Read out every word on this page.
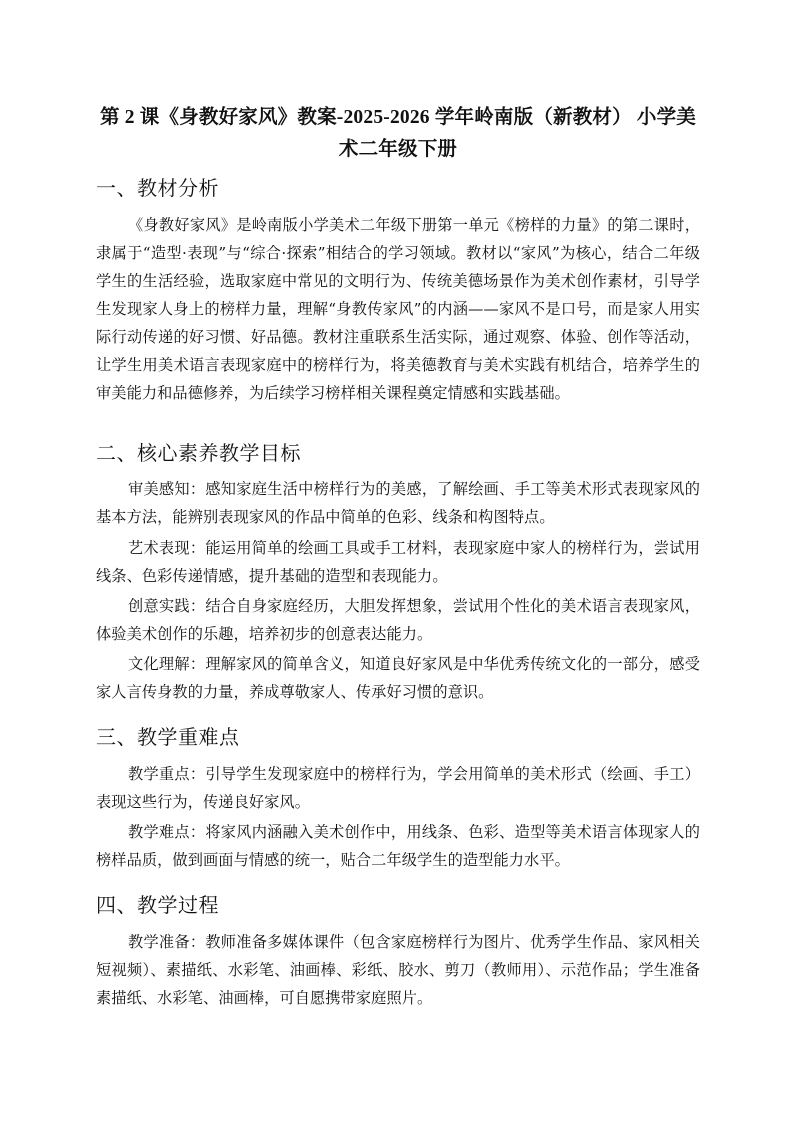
第 2 课《身教好家风》教案-2025-2026 学年岭南版（新教材） 小学美术二年级下册
一、教材分析

《身教好家风》是岭南版小学美术二年级下册第一单元《榜样的力量》的第二课时，隶属于“造型·表现”与“综合·探索”相结合的学习领域。教材以“家风”为核心，结合二年级学生的生活经验，选取家庭中常见的文明行为、传统美德场景作为美术创作素材，引导学生发现家人身上的榜样力量，理解“身教传家风”的内涵——家风不是口号，而是家人用实际行动传递的好习惯、好品德。教材注重联系生活实际，通过观察、体验、创作等活动，让学生用美术语言表现家庭中的榜样行为，将美德教育与美术实践有机结合，培养学生的审美能力和品德修养，为后续学习榜样相关课程奠定情感和实践基础。

二、核心素养教学目标

审美感知：感知家庭生活中榜样行为的美感，了解绘画、手工等美术形式表现家风的基本方法，能辨别表现家风的作品中简单的色彩、线条和构图特点。

艺术表现：能运用简单的绘画工具或手工材料，表现家庭中家人的榜样行为，尝试用线条、色彩传递情感，提升基础的造型和表现能力。

创意实践：结合自身家庭经历，大胆发挥想象，尝试用个性化的美术语言表现家风，体验美术创作的乐趣，培养初步的创意表达能力。

文化理解：理解家风的简单含义，知道良好家风是中华优秀传统文化的一部分，感受家人言传身教的力量，养成尊敬家人、传承好习惯的意识。

三、教学重难点

教学重点：引导学生发现家庭中的榜样行为，学会用简单的美术形式（绘画、手工）表现这些行为，传递良好家风。

教学难点：将家风内涵融入美术创作中，用线条、色彩、造型等美术语言体现家人的榜样品质，做到画面与情感的统一，贴合二年级学生的造型能力水平。

四、教学过程

教学准备：教师准备多媒体课件（包含家庭榜样行为图片、优秀学生作品、家风相关短视频）、素描纸、水彩笔、油画棒、彩纸、胶水、剪刀（教师用）、示范作品；学生准备素描纸、水彩笔、油画棒，可自愿携带家庭照片。
